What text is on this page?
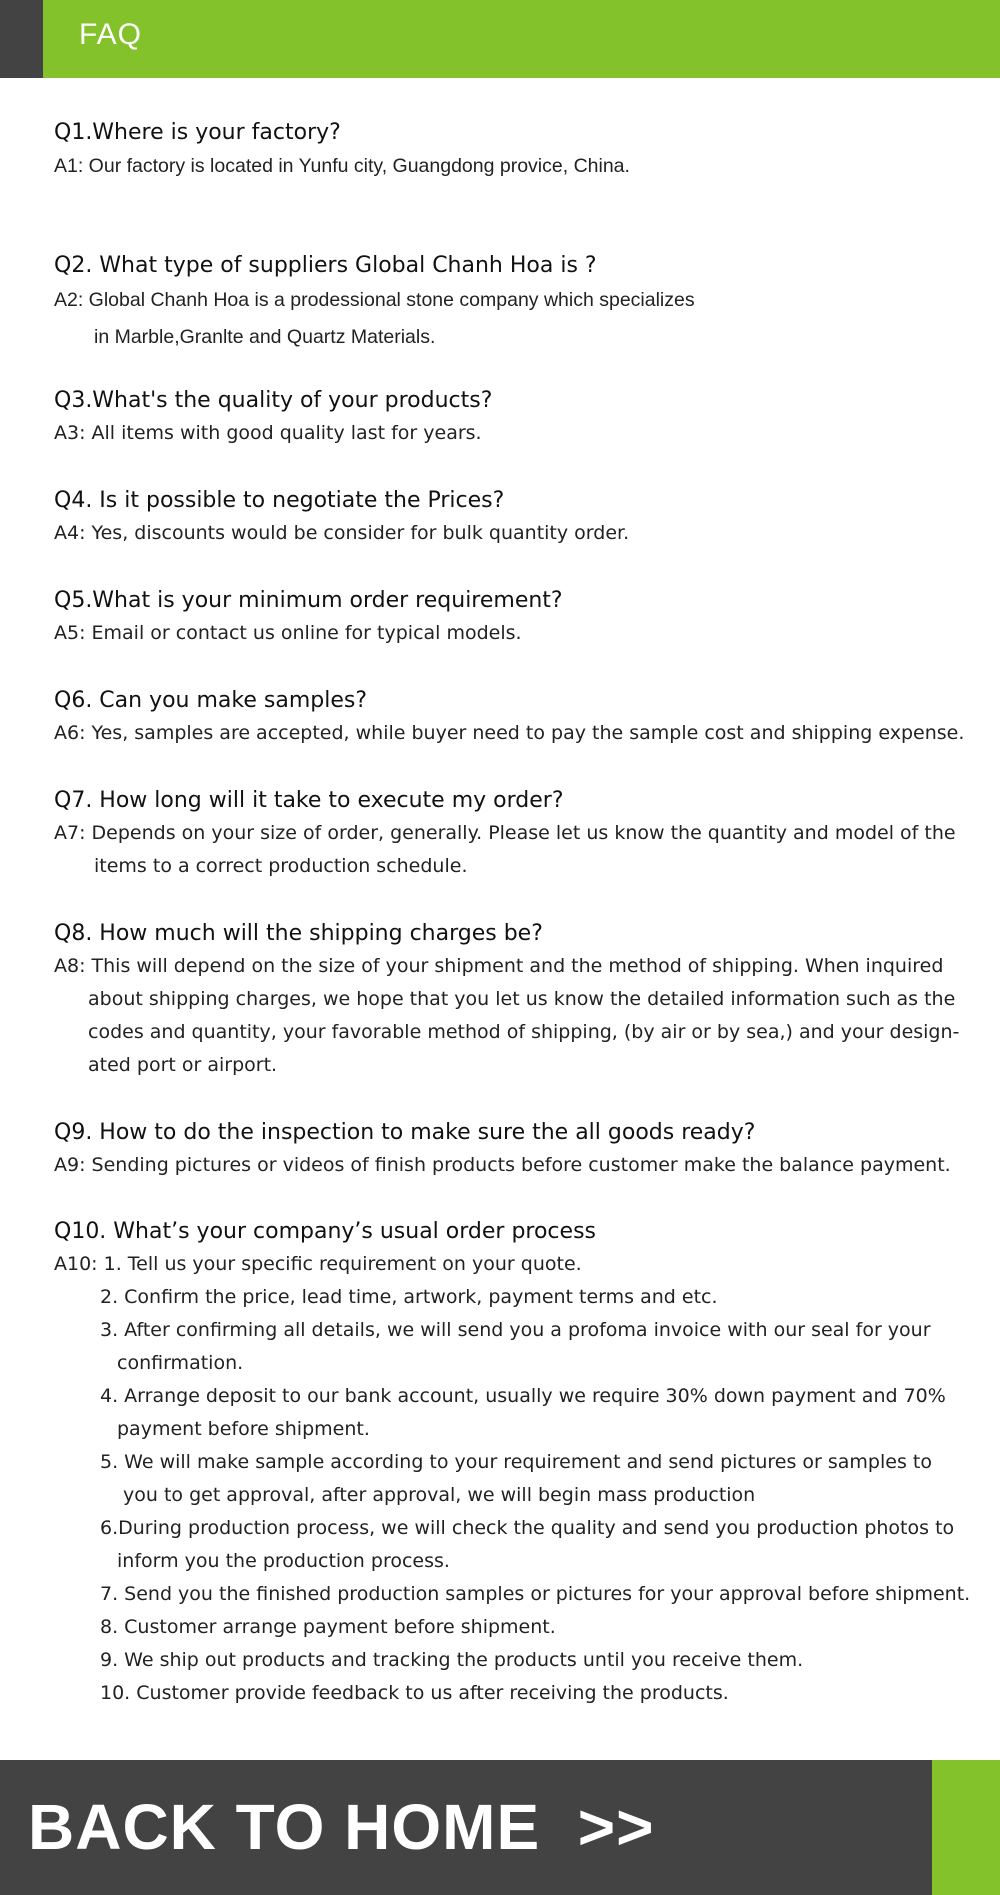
FAQ
Q1.Where is your factory?
A1: Our factory is located in Yunfu city, Guangdong provice, China.
Q2. What type of suppliers Global Chanh Hoa is ?
A2: Global Chanh Hoa is a prodessional stone company which specializes
in Marble,Granlte and Quartz Materials.
Q3.What's the quality of your products?
A3: All items with good quality last for years.
Q4. Is it possible to negotiate the Prices?
A4: Yes, discounts would be consider for bulk quantity order.
Q5.What is your minimum order requirement?
A5: Email or contact us online for typical models.
Q6. Can you make samples?
A6: Yes, samples are accepted, while buyer need to pay the sample cost and shipping expense.
Q7. How long will it take to execute my order?
A7: Depends on your size of order, generally. Please let us know the quantity and model of the
items to a correct production schedule.
Q8. How much will the shipping charges be?
A8: This will depend on the size of your shipment and the method of shipping. When inquired
about shipping charges, we hope that you let us know the detailed information such as the
codes and quantity, your favorable method of shipping, (by air or by sea,) and your design-
ated port or airport.
Q9. How to do the inspection to make sure the all goods ready?
A9: Sending pictures or videos of finish products before customer make the balance payment.
Q10. What’s your company’s usual order process
A10: 1. Tell us your specific requirement on your quote.
2. Confirm the price, lead time, artwork, payment terms and etc.
3. After confirming all details, we will send you a profoma invoice with our seal for your
confirmation.
4. Arrange deposit to our bank account, usually we require 30% down payment and 70%
payment before shipment.
5. We will make sample according to your requirement and send pictures or samples to
you to get approval, after approval, we will begin mass production
6.During production process, we will check the quality and send you production photos to
inform you the production process.
7. Send you the finished production samples or pictures for your approval before shipment.
8. Customer arrange payment before shipment.
9. We ship out products and tracking the products until you receive them.
10. Customer provide feedback to us after receiving the products.
BACK TO HOME  >>
